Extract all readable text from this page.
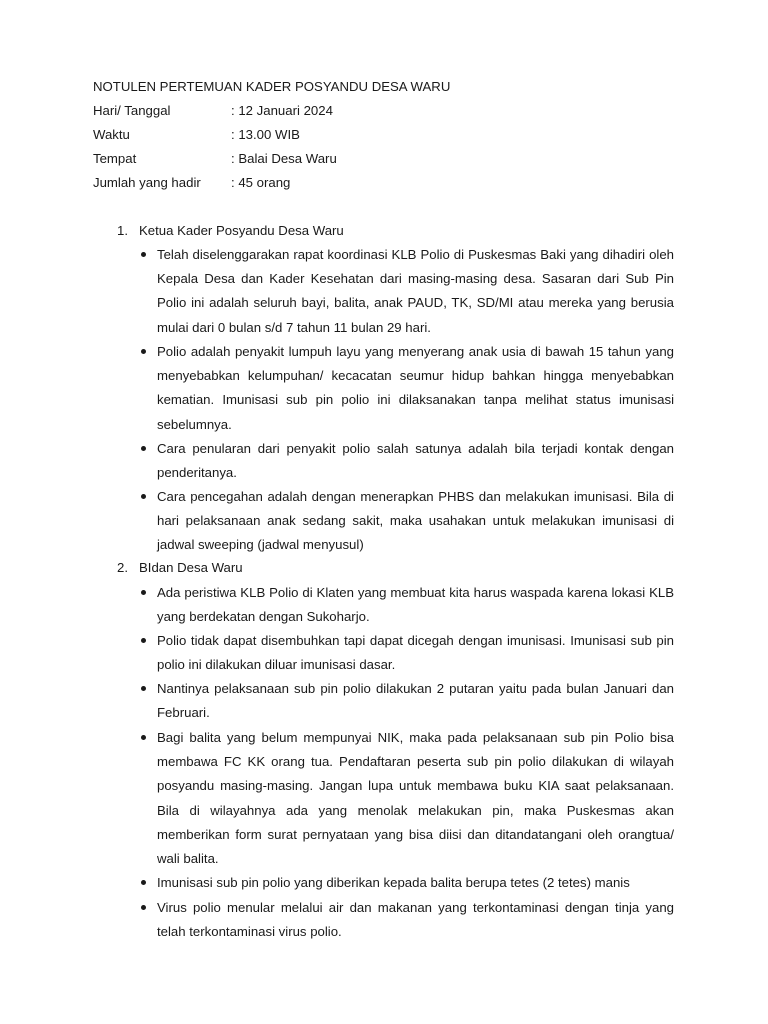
NOTULEN PERTEMUAN KADER POSYANDU DESA WARU
Hari/ Tanggal	: 12 Januari 2024
Waktu	: 13.00 WIB
Tempat	: Balai Desa Waru
Jumlah yang hadir : 45 orang
1. Ketua Kader Posyandu Desa Waru
Telah diselenggarakan rapat koordinasi KLB Polio di Puskesmas Baki yang dihadiri oleh Kepala Desa dan Kader Kesehatan dari masing-masing desa. Sasaran dari Sub Pin Polio ini adalah seluruh bayi, balita, anak PAUD, TK, SD/MI atau mereka yang berusia mulai dari 0 bulan s/d 7 tahun 11 bulan 29 hari.
Polio adalah penyakit lumpuh layu yang menyerang anak usia di bawah 15 tahun yang menyebabkan kelumpuhan/ kecacatan seumur hidup bahkan hingga menyebabkan kematian. Imunisasi sub pin polio ini dilaksanakan tanpa melihat status imunisasi sebelumnya.
Cara penularan dari penyakit polio salah satunya adalah bila terjadi kontak dengan penderitanya.
Cara pencegahan adalah dengan menerapkan PHBS dan melakukan imunisasi. Bila di hari pelaksanaan anak sedang sakit, maka usahakan untuk melakukan imunisasi di jadwal sweeping (jadwal menyusul)
2. BIdan Desa Waru
Ada peristiwa KLB Polio di Klaten yang membuat kita harus waspada karena lokasi KLB yang berdekatan dengan Sukoharjo.
Polio tidak dapat disembuhkan tapi dapat dicegah dengan imunisasi. Imunisasi sub pin polio ini dilakukan diluar imunisasi dasar.
Nantinya pelaksanaan sub pin polio dilakukan 2 putaran yaitu pada bulan Januari dan Februari.
Bagi balita yang belum mempunyai NIK, maka pada pelaksanaan sub pin Polio bisa membawa FC KK orang tua. Pendaftaran peserta sub pin polio dilakukan di wilayah posyandu masing-masing. Jangan lupa untuk membawa buku KIA saat pelaksanaan. Bila di wilayahnya ada yang menolak melakukan pin, maka Puskesmas akan memberikan form surat pernyataan yang bisa diisi dan ditandatangani oleh orangtua/ wali balita.
Imunisasi sub pin polio yang diberikan kepada balita berupa tetes (2 tetes) manis
Virus polio menular melalui air dan makanan yang terkontaminasi dengan tinja yang telah terkontaminasi virus polio.
